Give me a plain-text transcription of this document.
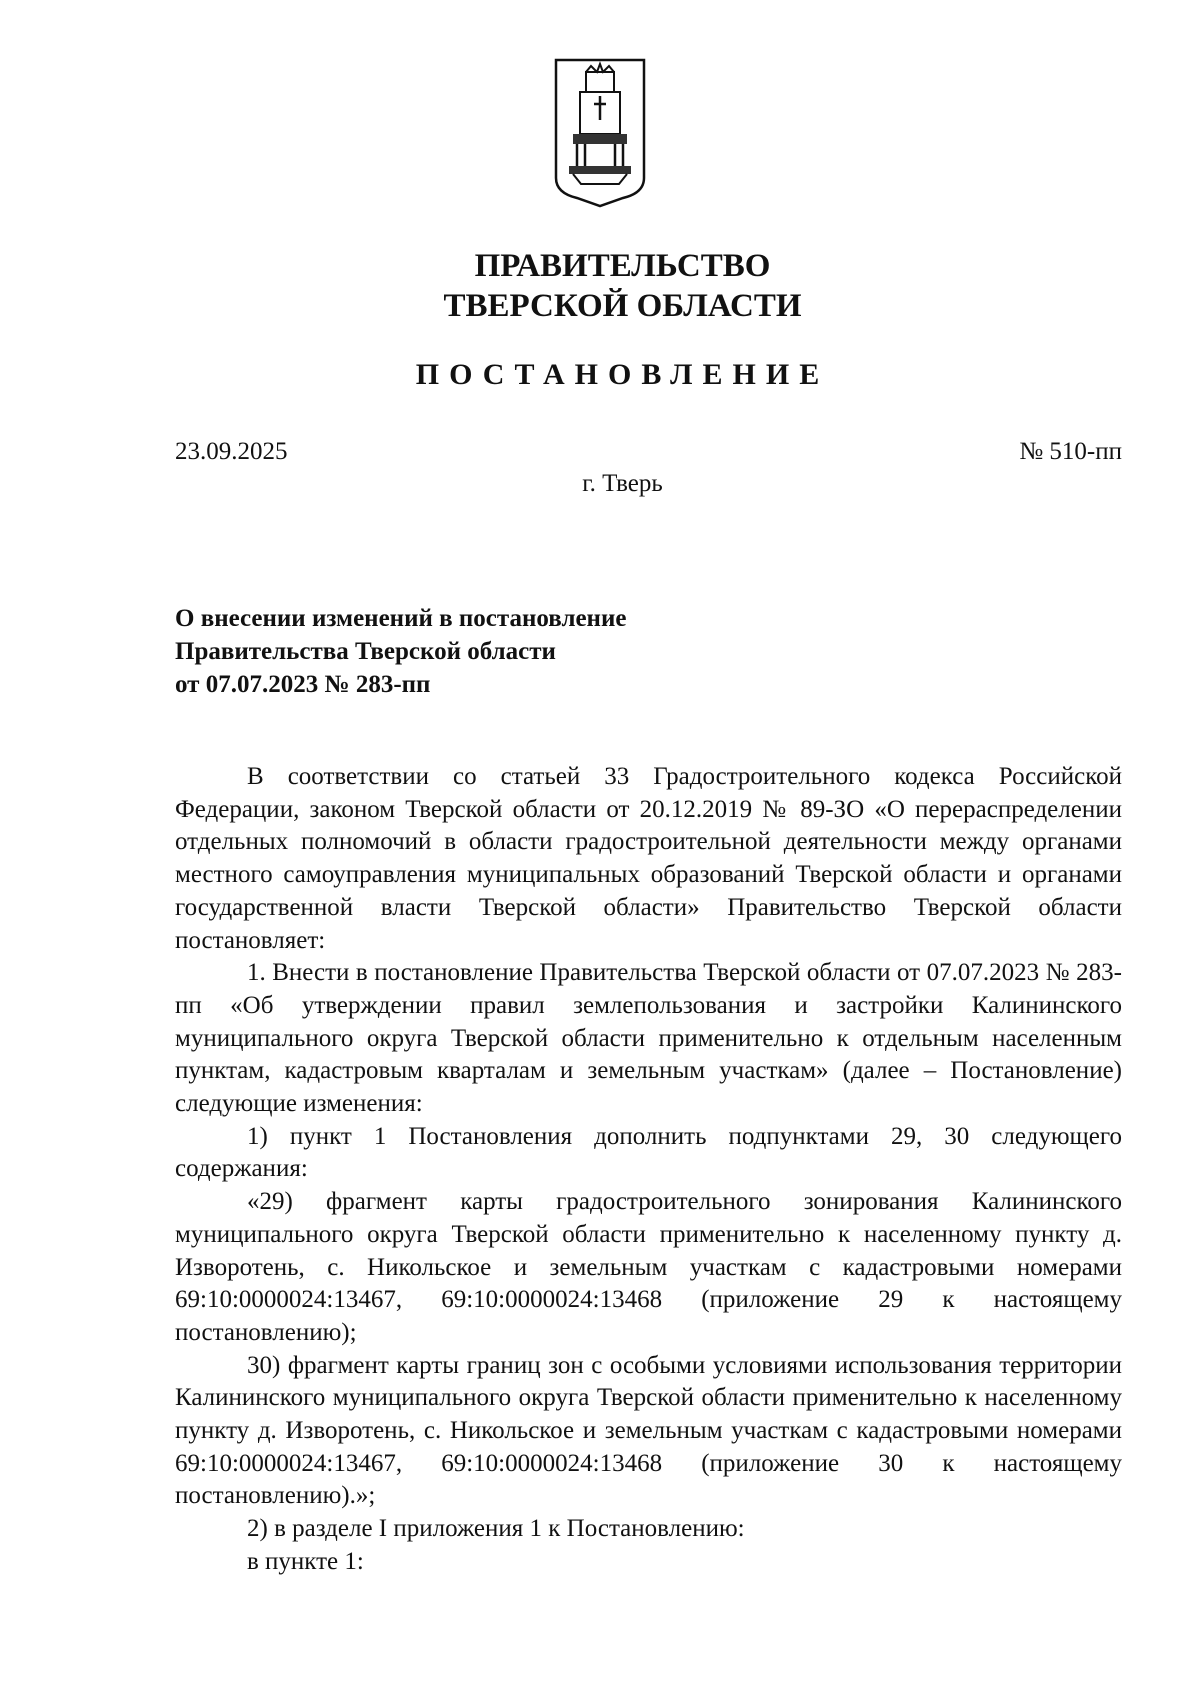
ПРАВИТЕЛЬСТВО
ТВЕРСКОЙ ОБЛАСТИ
ПОСТАНОВЛЕНИЕ
23.09.2025	№ 510-пп
г. Тверь
О внесении изменений в постановление
Правительства Тверской области
от 07.07.2023 № 283-пп

В соответствии со статьей 33 Градостроительного кодекса Российской Федерации, законом Тверской области от 20.12.2019 № 89-ЗО «О перераспределении отдельных полномочий в области градостроительной деятельности между органами местного самоуправления муниципальных образований Тверской области и органами государственной власти Тверской области» Правительство Тверской области постановляет:

1. Внести в постановление Правительства Тверской области от 07.07.2023 № 283-пп «Об утверждении правил землепользования и застройки Калининского муниципального округа Тверской области применительно к отдельным населенным пунктам, кадастровым кварталам и земельным участкам» (далее – Постановление) следующие изменения:

1) пункт 1 Постановления дополнить подпунктами 29, 30 следующего содержания:

«29) фрагмент карты градостроительного зонирования Калининского муниципального округа Тверской области применительно к населенному пункту д. Изворотень, с. Никольское и земельным участкам с кадастровыми номерами 69:10:0000024:13467, 69:10:0000024:13468 (приложение 29 к настоящему постановлению);

30) фрагмент карты границ зон с особыми условиями использования территории Калининского муниципального округа Тверской области применительно к населенному пункту д. Изворотень, с. Никольское и земельным участкам с кадастровыми номерами 69:10:0000024:13467, 69:10:0000024:13468 (приложение 30 к настоящему постановлению).»;

2) в разделе I приложения 1 к Постановлению:

в пункте 1:
